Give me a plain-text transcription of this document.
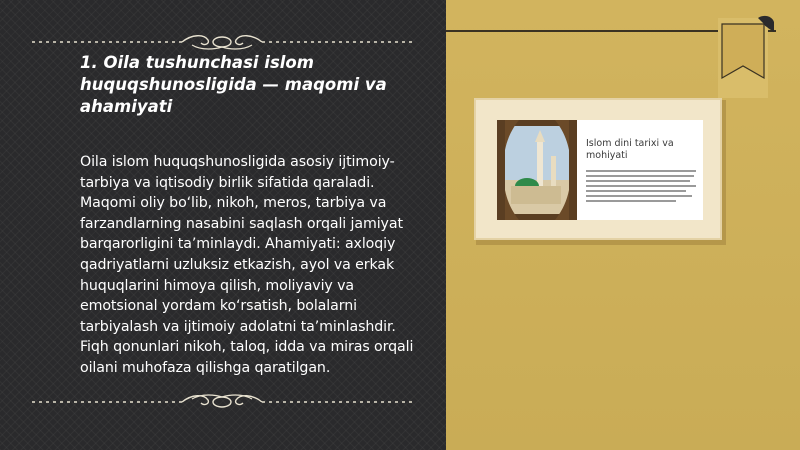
1. Oila tushunchasi islom huquqshunosligida — maqomi va ahamiyati

Oila islom huquqshunosligida asosiy ijtimoiy-tarbiya va iqtisodiy birlik sifatida qaraladi. Maqomi oliy bo‘lib, nikoh, meros, tarbiya va farzandlarning nasabini saqlash orqali jamiyat barqarorligini ta’minlaydi. Ahamiyati: axloqiy qadriyatlarni uzluksiz etkazish, ayol va erkak huquqlarini himoya qilish, moliyaviy va emotsional yordam ko‘rsatish, bolalarni tarbiyalash va ijtimoiy adolatni ta’minlashdir. Fiqh qonunlari nikoh, taloq, idda va miras orqali oilani muhofaza qilishga qaratilgan.

Islom dini tarixi va mohiyati
